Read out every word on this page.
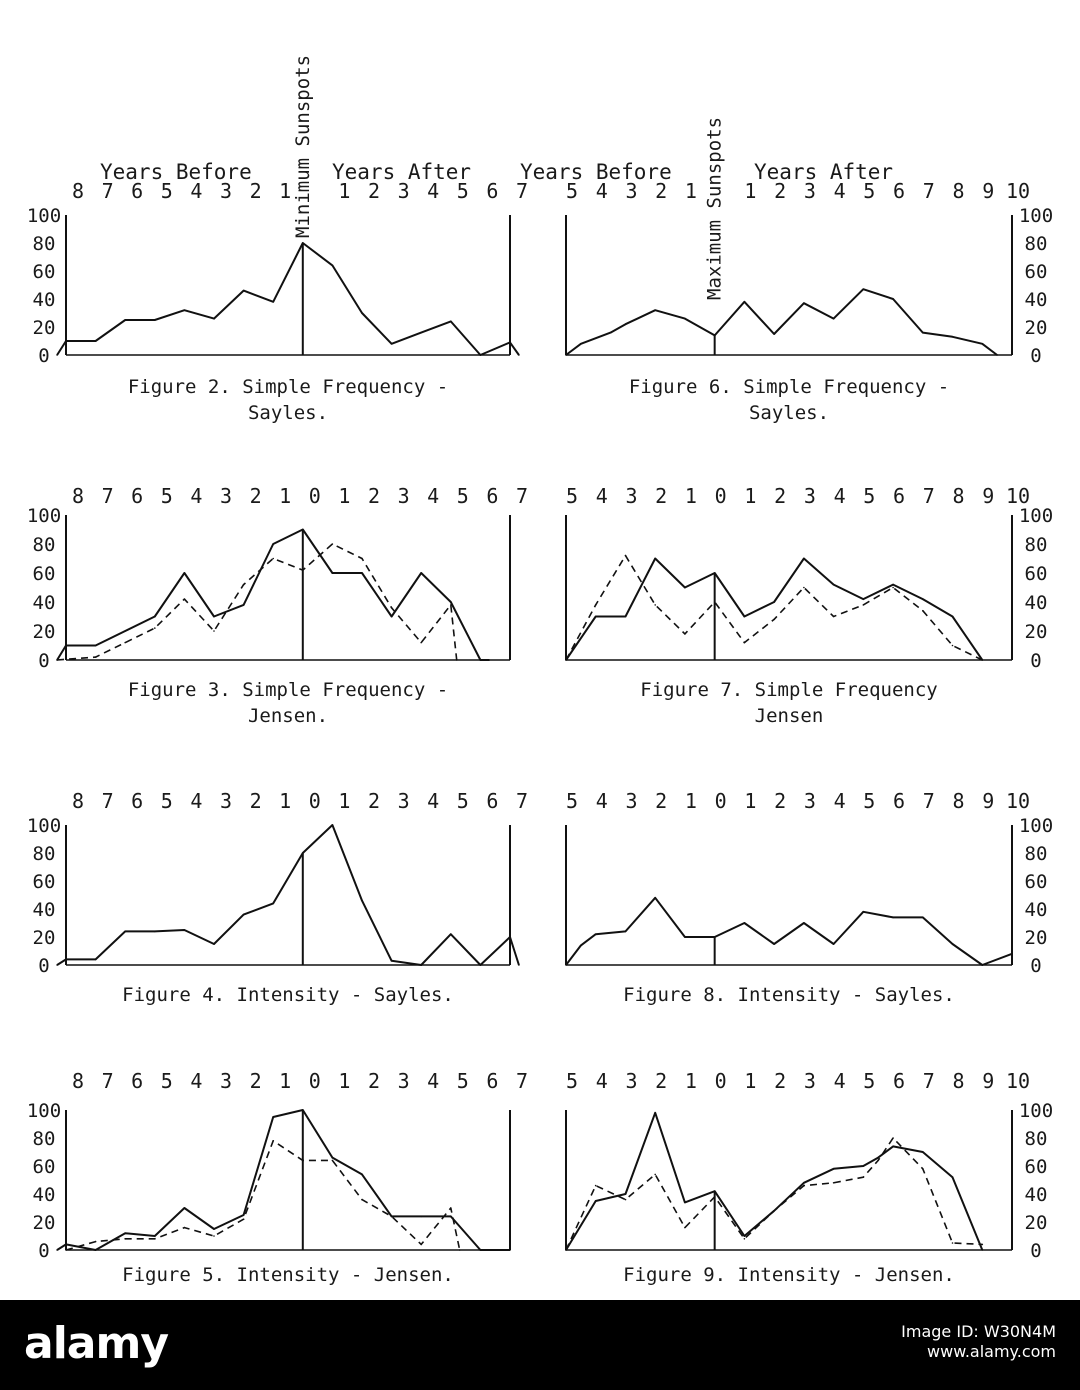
Years Before	Years After Years Before	Years After
8 7 6 5 4 3 2 1 1 2 3 4 5 6 7
100
80
60
40
20
0
5 4 3 2 1 1 2 3 4 5 6 7 8 9 10
100
80
60
40
20
0
8 7 6 5 4 3 2 1 0 1 2 3 4 5 6 7
100
80
60
40
20
0
5 4 3 2 1 0 1 2 3 4 5 6 7 8 9 10
100
80
60
40
20
0
8 7 6 5 4 3 2 1 0 1 2 3 4 5 6 7
100
80
60
40
20
0
5 4 3 2 1 0 1 2 3 4 5 6 7 8 9 10
100
80
60
40
20
0
8 7 6 5 4 3 2 1 0 1 2 3 4 5 6 7
100
80
60
40
20
0
5 4 3 2 1 0 1 2 3 4 5 6 7 8 9 10
100
80
60
40
20
0
Minimum Sunspots	Maximum Sunspots
Figure 2. Simple Frequency -
Sayles.
Figure 6. Simple Frequency -
Sayles.
Figure 3. Simple Frequency -
Jensen.
Figure 7. Simple Frequency
Jensen
Figure 4. Intensity - Sayles.	Figure 8. Intensity - Sayles.
Figure 5. Intensity - Jensen.	Figure 9. Intensity - Jensen.
alamy	Image ID: W30N4M
www.alamy.com
